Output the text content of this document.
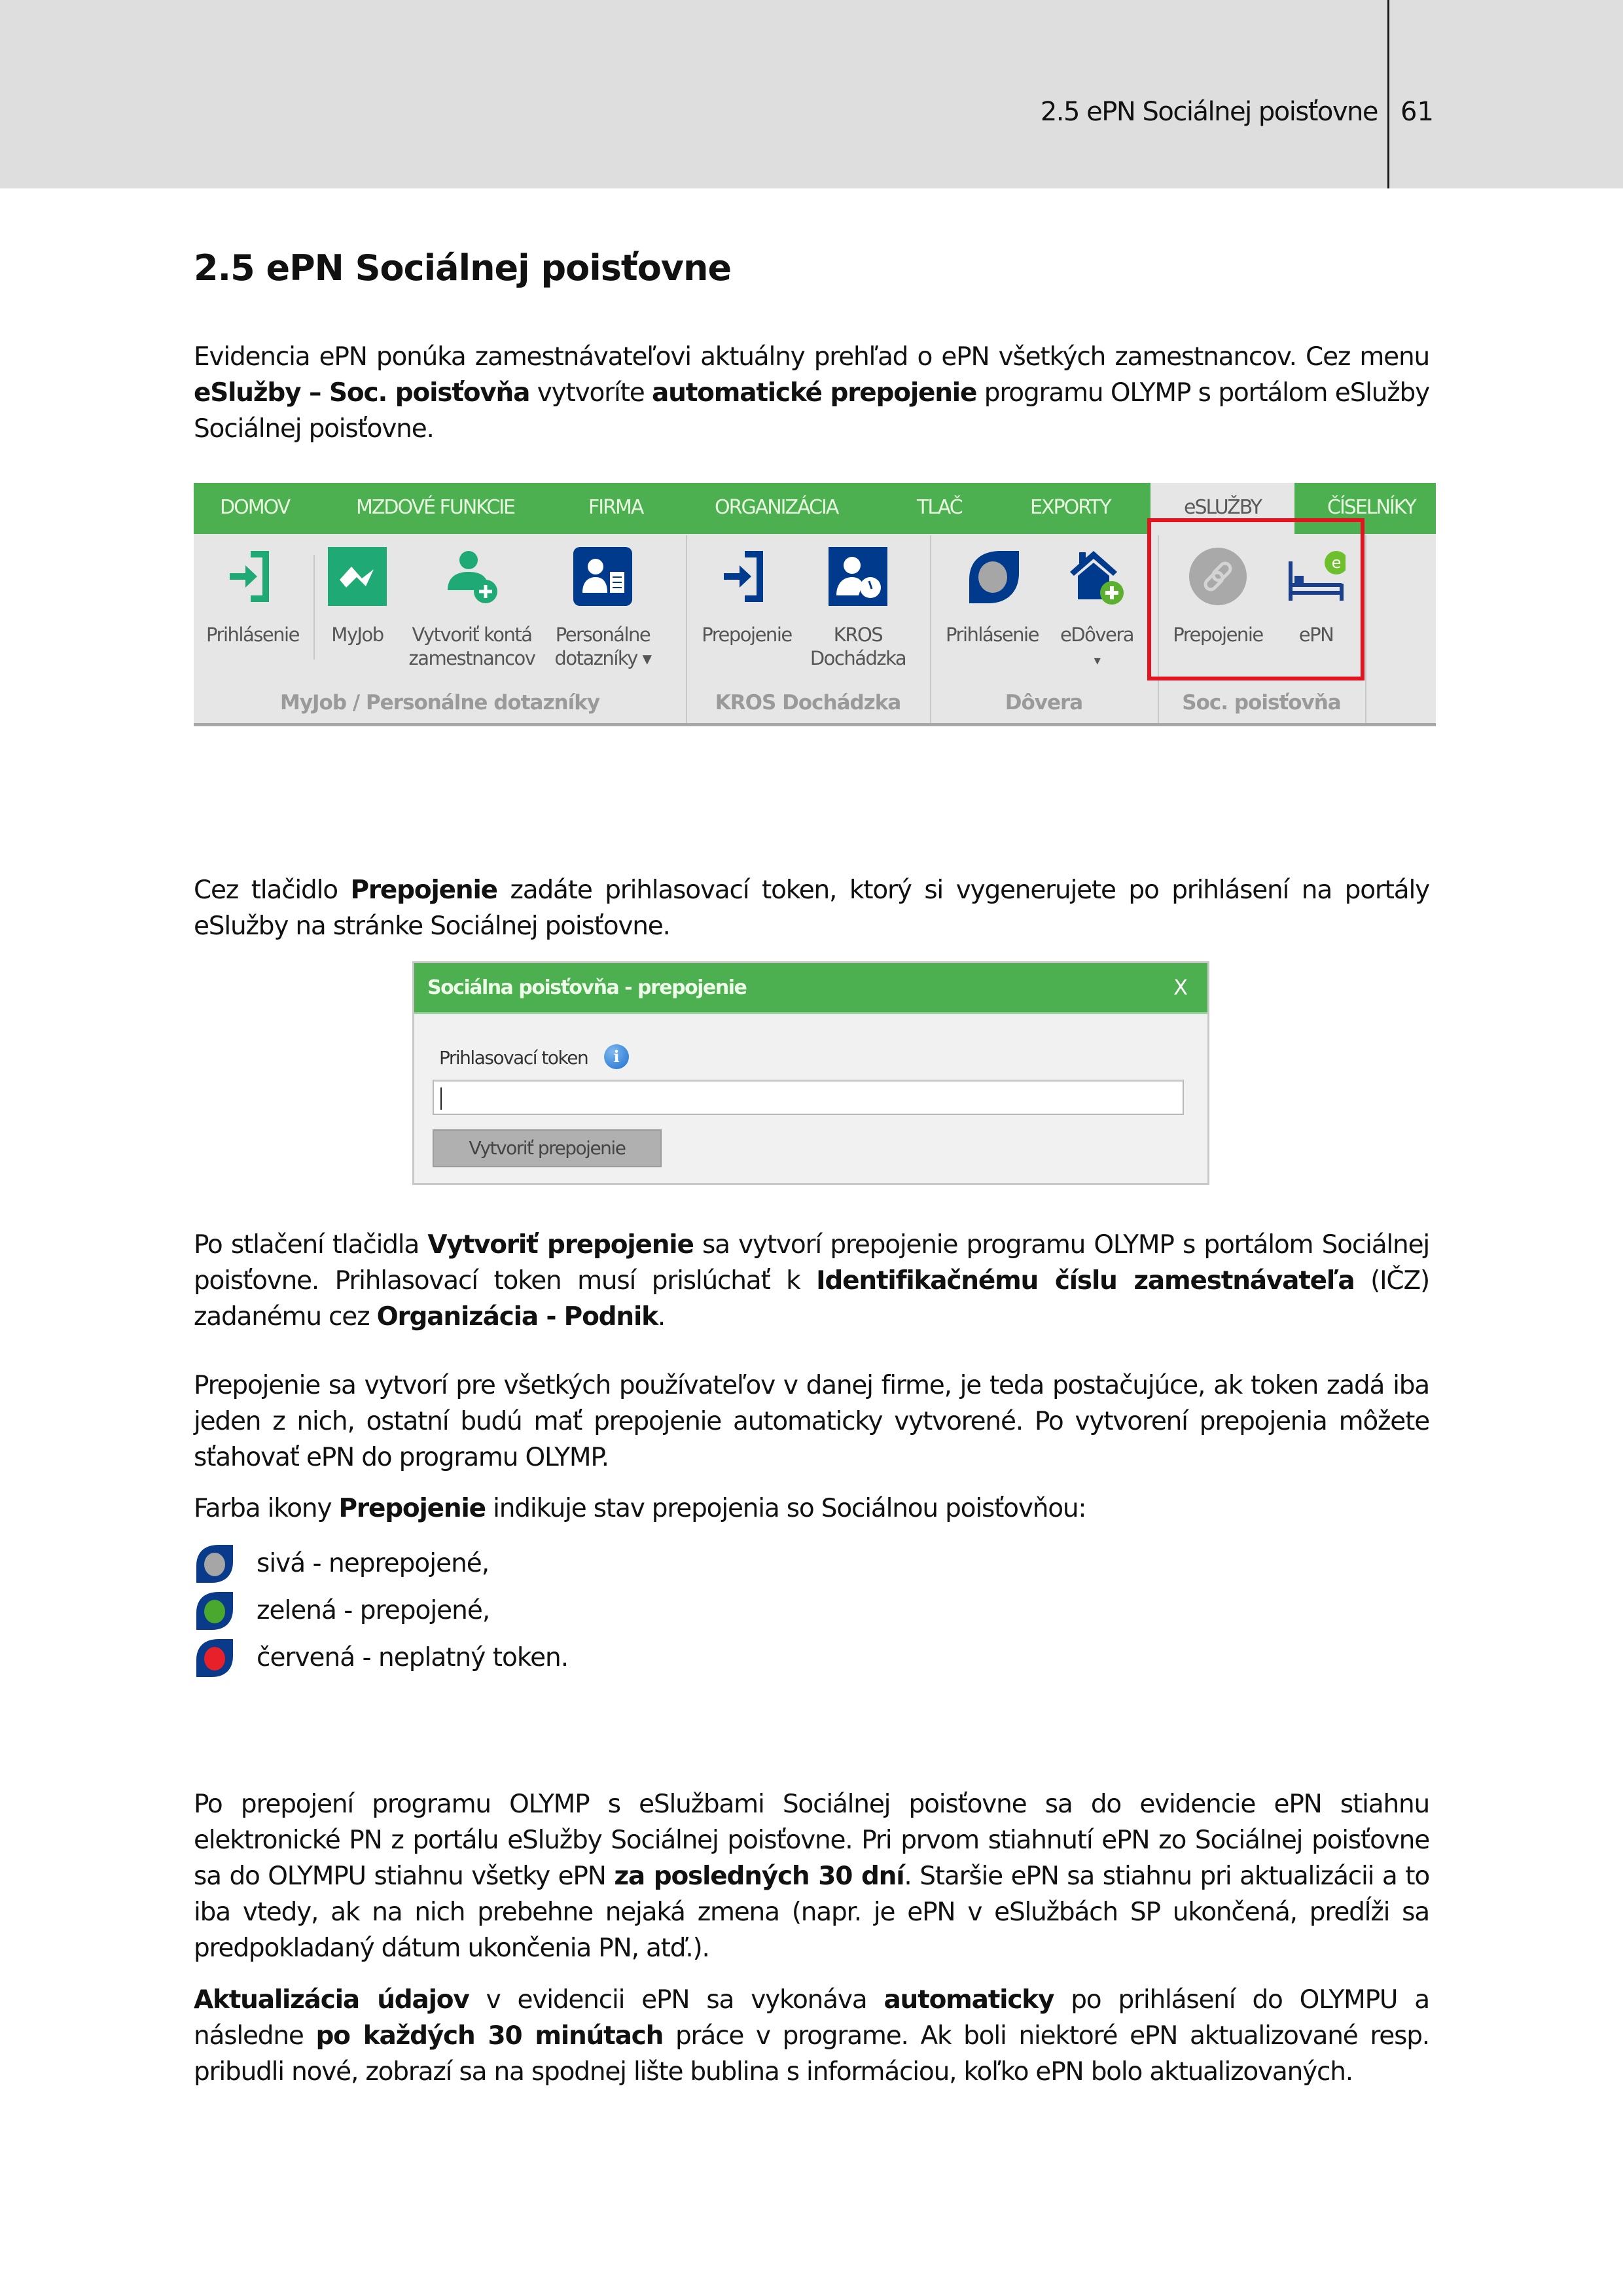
2.5 ePN Sociálnej poisťovne 61
2.5 ePN Sociálnej poisťovne
Evidencia ePN ponúka zamestnávateľovi aktuálny prehľad o ePN všetkých zamestnancov. Cez menu eSlužby – Soc. poisťovňa vytvoríte automatické prepojenie programu OLYMP s portálom eSlužby Sociálnej poisťovne.
DOMOV	MZDOVÉ FUNKCIE	FIRMA	ORGANIZÁCIA	TLAČ	EXPORTY	eSLUŽBY	ČÍSELNÍKY
Prihlásenie	MyJob	Vytvoriť kontá
zamestnancov
Personálne
dotazníky ▾
Prepojenie	KROS
Dochádzka
Prihlásenie	eDôvera
▾
Prepojenie
e
ePN
MyJob / Personálne dotazníky	KROS Dochádzka	Dôvera	Soc. poisťovňa
Cez tlačidlo Prepojenie zadáte prihlasovací token, ktorý si vygenerujete po prihlásení na portály eSlužby na stránke Sociálnej poisťovne.
Sociálna poisťovňa - prepojenie	X
Prihlasovací token	i
Vytvoriť prepojenie
Po stlačení tlačidla Vytvoriť prepojenie sa vytvorí prepojenie programu OLYMP s portálom Sociálnej poisťovne. Prihlasovací token musí prislúchať k Identifikačnému číslu zamestnávateľa (IČZ) zadanému cez Organizácia - Podnik.
Prepojenie sa vytvorí pre všetkých používateľov v danej firme, je teda postačujúce, ak token zadá iba jeden z nich, ostatní budú mať prepojenie automaticky vytvorené. Po vytvorení prepojenia môžete sťahovať ePN do programu OLYMP.
Farba ikony Prepojenie indikuje stav prepojenia so Sociálnou poisťovňou:
sivá - neprepojené,
zelená - prepojené,
červená - neplatný token.
Po prepojení programu OLYMP s eSlužbami Sociálnej poisťovne sa do evidencie ePN stiahnu elektronické PN z portálu eSlužby Sociálnej poisťovne. Pri prvom stiahnutí ePN zo Sociálnej poisťovne sa do OLYMPU stiahnu všetky ePN za posledných 30 dní. Staršie ePN sa stiahnu pri aktualizácii a to iba vtedy, ak na nich prebehne nejaká zmena (napr. je ePN v eSlužbách SP ukončená, predĺži sa predpokladaný dátum ukončenia PN, atď.).
Aktualizácia údajov v evidencii ePN sa vykonáva automaticky po prihlásení do OLYMPU a následne po každých 30 minútach práce v programe. Ak boli niektoré ePN aktualizované resp. pribudli nové, zobrazí sa na spodnej lište bublina s informáciou, koľko ePN bolo aktualizovaných.
